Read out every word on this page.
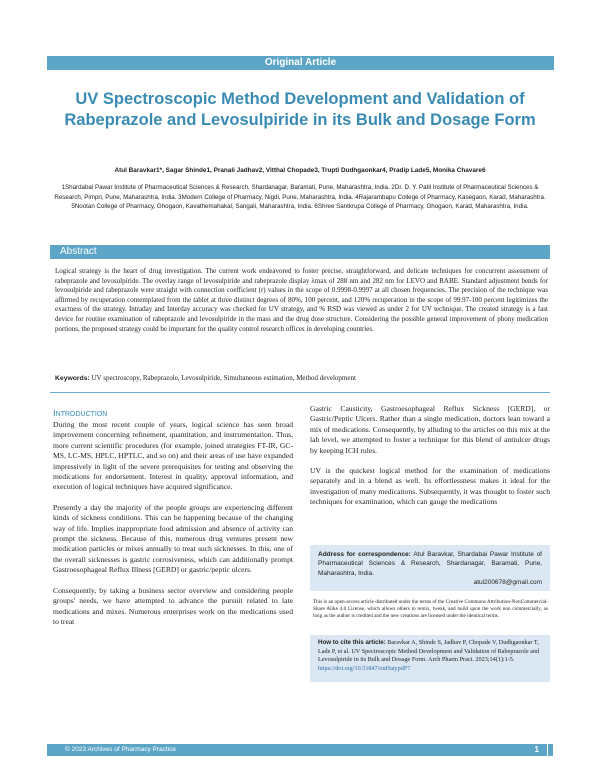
Original Article
UV Spectroscopic Method Development and Validation of Rabeprazole and Levosulpiride in its Bulk and Dosage Form
Atul Baravkar1*, Sagar Shinde1, Pranali Jadhav2, Vitthal Chopade3, Trupti Dudhgaonkar4, Pradip Lade5, Monika Chavare6
1Shardabai Pawar Institute of Pharmaceutical Sciences & Research, Shardanagar, Baramati, Pune, Maharashtra, India. 2Dr. D. Y. Patil Institute of Pharmaceutical Sciences & Research, Pimpri, Pune, Maharashtra, India. 3Modern College of Pharmacy, Nigdi, Pune, Maharashtra, India. 4Rajarambapu College of Pharmacy, Kasegaon, Karad, Maharashtra. 5Nootan College of Pharmacy, Ghogaon, Kavathemahakal, Sangali, Maharashtra, India. 6Shree Santkrupa College of Pharmacy, Ghogaon, Karad, Maharashtra, India.
Abstract
Logical strategy is the heart of drug investigation. The current work endeavored to foster precise, straightforward, and delicate techniques for concurrent assessment of rabeprazole and levosulpiride. The overlay range of levosulpiride and rabeprazole display λmax of 288 nm and 282 nm for LEVO and RABE. Standard adjustment bends for levosulpiride and rabeprazole were straight with connection coefficient (r) values in the scope of 0.9998-0.9997 at all chosen frequencies. The precision of the technique was affirmed by recuperation contemplated from the tablet at three distinct degrees of 80%, 100 percent, and 120% recuperation in the scope of 99.97-100 percent legitimizes the exactness of the strategy. Intraday and Interday accuracy was checked for UV strategy, and % RSD was viewed as under 2 for UV technique. The created strategy is a fast device for routine examination of rabeprazole and levosulpiride in the mass and the drug dose structure. Considering the possible general improvement of phony medication portions, the proposed strategy could be important for the quality control research offices in developing countries.
Keywords: UV spectroscopy, Rabeprazole, Levosulpiride, Simultaneous estimation, Method development
Introduction

During the most recent couple of years, logical science has seen broad improvement concerning refinement, quantitation, and instrumentation. Thus, more current scientific procedures (for example, joined strategies FT-IR, GC-MS, LC-MS, HPLC, HPTLC, and so on) and their areas of use have expanded impressively in light of the severe prerequisites for testing and observing the medications for endorsement. Interest in quality, approval information, and execution of logical techniques have acquired significance.

Presently a day the majority of the people groups are experiencing different kinds of sickness conditions. This can be happening because of the changing way of life. Implies inappropriate food admission and absence of activity can prompt the sickness. Because of this, numerous drug ventures present new medication particles or mixes annually to treat such sicknesses. In this, one of the overall sicknesses is gastric corrosiveness, which can additionally prompt Gastroesophageal Reflux Illness [GERD] or gastric/peptic ulcers.

Consequently, by taking a business sector overview and considering people groups' needs, we have attempted to advance the pursuit related to late medications and mixes. Numerous enterprises work on the medications used to treat

Gastric Causticity, Gastroesophageal Reflux Sickness [GERD], or Gastric/Peptic Ulcers. Rather than a single medication, doctors lean toward a mix of medications. Consequently, by alluding to the articles on this mix at the lab level, we attempted to foster a technique for this blend of antiulcer drugs by keeping ICH rules.

UV is the quickest logical method for the examination of medications separately and in a blend as well. Its effortlessness makes it ideal for the investigation of many medications. Subsequently, it was thought to foster such techniques for examination, which can gauge the medications

Address for correspondence: Atul Baravkar, Shardabai Pawar Institute of Pharmaceutical Sciences & Research, Shardanagar, Baramati, Pune, Maharashtra, India.
atul200678@gmail.com
This is an open-access article distributed under the terms of the Creative Commons Attribution-NonCommercial-Share Alike 4.0 License, which allows others to remix, tweak, and build upon the work non commercially, as long as the author is credited and the new creations are licensed under the identical terms.
How to cite this article: Baravkar A, Shinde S, Jadhav P, Chopade V, Dudhgaonkar T, Lade P, et al. UV Spectroscopic Method Development and Validation of Rabeprazole and Levosulpiride in its Bulk and Dosage Form. Arch Pharm Pract. 2023;14(1):1-5.
https://doi.org/10.51847/ouHaiypdF7
© 2023 Archives of Pharmacy Practice	1
